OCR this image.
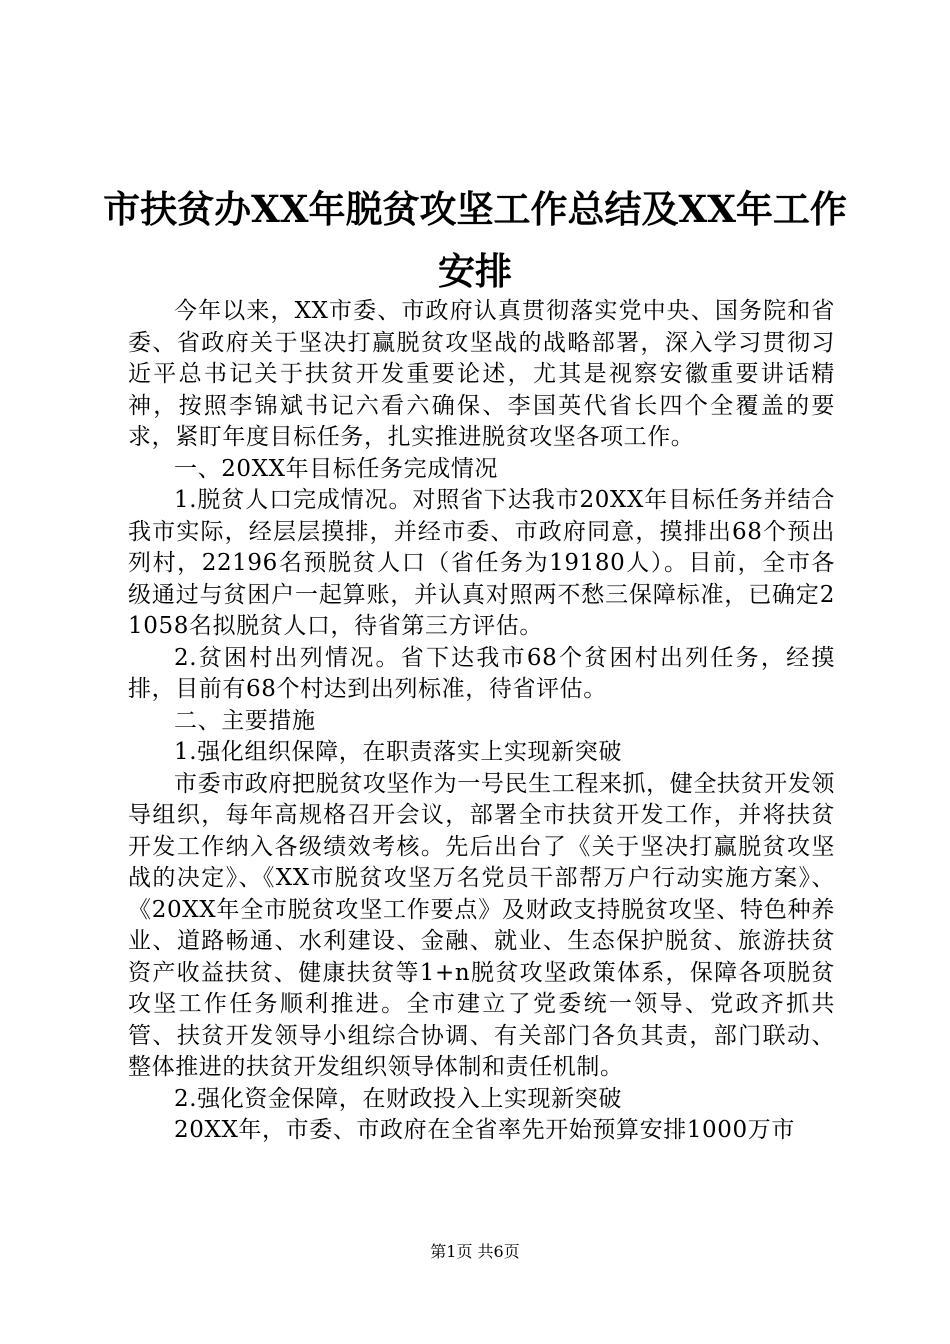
市扶贫办XX年脱贫攻坚工作总结及XX年工作安排

今年以来，XX市委、市政府认真贯彻落实党中央、国务院和省委、省政府关于坚决打赢脱贫攻坚战的战略部署，深入学习贯彻习近平总书记关于扶贫开发重要论述，尤其是视察安徽重要讲话精神，按照李锦斌书记六看六确保、李国英代省长四个全覆盖的要求，紧盯年度目标任务，扎实推进脱贫攻坚各项工作。

一、20XX年目标任务完成情况

1.脱贫人口完成情况。对照省下达我市20XX年目标任务并结合我市实际，经层层摸排，并经市委、市政府同意，摸排出68个预出列村，22196名预脱贫人口（省任务为19180人）。目前，全市各级通过与贫困户一起算账，并认真对照两不愁三保障标准，已确定21058名拟脱贫人口，待省第三方评估。

2.贫困村出列情况。省下达我市68个贫困村出列任务，经摸排，目前有68个村达到出列标准，待省评估。

二、主要措施

1.强化组织保障，在职责落实上实现新突破

市委市政府把脱贫攻坚作为一号民生工程来抓，健全扶贫开发领导组织，每年高规格召开会议，部署全市扶贫开发工作，并将扶贫开发工作纳入各级绩效考核。先后出台了《关于坚决打赢脱贫攻坚战的决定》、《XX市脱贫攻坚万名党员干部帮万户行动实施方案》、《20XX年全市脱贫攻坚工作要点》及财政支持脱贫攻坚、特色种养业、道路畅通、水利建设、金融、就业、生态保护脱贫、旅游扶贫资产收益扶贫、健康扶贫等1+n脱贫攻坚政策体系，保障各项脱贫攻坚工作任务顺利推进。全市建立了党委统一领导、党政齐抓共管、扶贫开发领导小组综合协调、有关部门各负其责，部门联动、整体推进的扶贫开发组织领导体制和责任机制。

2.强化资金保障，在财政投入上实现新突破

20XX年，市委、市政府在全省率先开始预算安排1000万市

第1页 共6页
